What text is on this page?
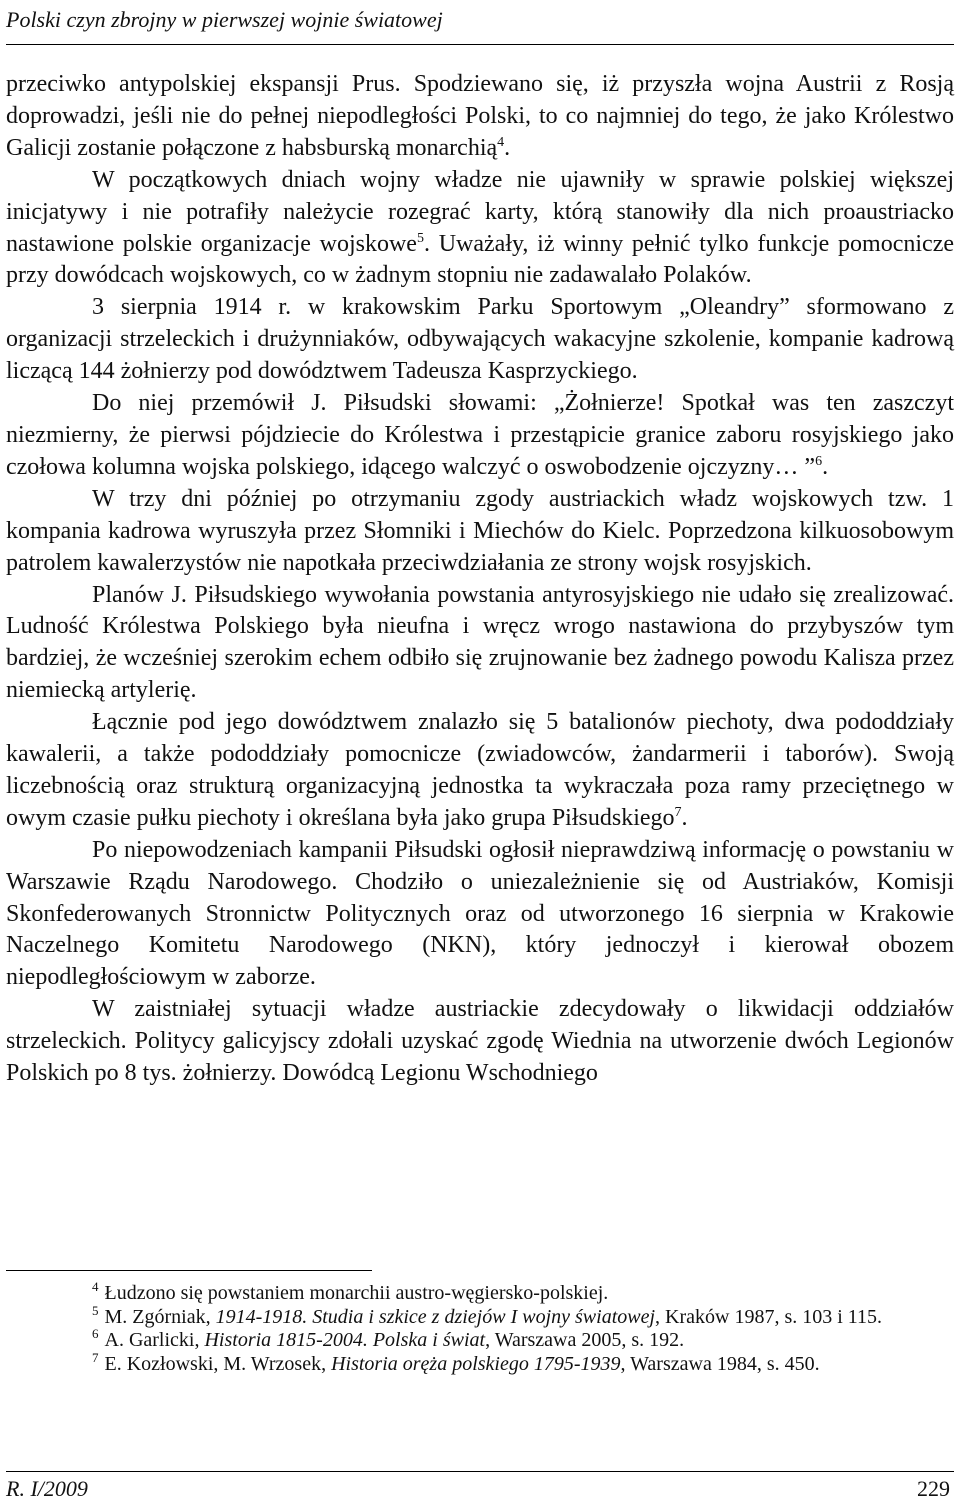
Polski czyn zbrojny w pierwszej wojnie światowej

przeciwko antypolskiej ekspansji Prus. Spodziewano się, iż przyszła wojna Austrii z Rosją doprowadzi, jeśli nie do pełnej niepodległości Polski, to co najmniej do tego, że jako Królestwo Galicji zostanie połączone z habsburską monarchią$^4$.

W początkowych dniach wojny władze nie ujawniły w sprawie polskiej większej inicjatywy i nie potrafiły należycie rozegrać karty, którą stanowiły dla nich proaustriacko nastawione polskie organizacje wojskowe$^5$. Uważały, iż winny pełnić tylko funkcje pomocnicze przy dowódcach wojskowych, co w żadnym stopniu nie zadawalało Polaków.

3 sierpnia 1914 r. w krakowskim Parku Sportowym „Oleandry” sformowano z organizacji strzeleckich i drużynniaków, odbywających wakacyjne szkolenie, kompanie kadrową liczącą 144 żołnierzy pod dowództwem Tadeusza Kasprzyckiego.

Do niej przemówił J. Piłsudski słowami: „Żołnierze! Spotkał was ten zaszczyt niezmierny, że pierwsi pójdziecie do Królestwa i przestąpicie granice zaboru rosyjskiego jako czołowa kolumna wojska polskiego, idącego walczyć o oswobodzenie ojczyzny… ”$^6$.

W trzy dni później po otrzymaniu zgody austriackich władz wojskowych tzw. 1 kompania kadrowa wyruszyła przez Słomniki i Miechów do Kielc. Poprzedzona kilkuosobowym patrolem kawalerzystów nie napotkała przeciwdziałania ze strony wojsk rosyjskich.

Planów J. Piłsudskiego wywołania powstania antyrosyjskiego nie udało się zrealizować. Ludność Królestwa Polskiego była nieufna i wręcz wrogo nastawiona do przybyszów tym bardziej, że wcześniej szerokim echem odbiło się zrujnowanie bez żadnego powodu Kalisza przez niemiecką artylerię.

Łącznie pod jego dowództwem znalazło się 5 batalionów piechoty, dwa pododdziały kawalerii, a także pododdziały pomocnicze (zwiadowców, żandarmerii i taborów). Swoją liczebnością oraz strukturą organizacyjną jednostka ta wykraczała poza ramy przeciętnego w owym czasie pułku piechoty i określana była jako grupa Piłsudskiego$^7$.

Po niepowodzeniach kampanii Piłsudski ogłosił nieprawdziwą informację o powstaniu w Warszawie Rządu Narodowego. Chodziło o uniezależnienie się od Austriaków, Komisji Skonfederowanych Stronnictw Politycznych oraz od utworzonego 16 sierpnia w Krakowie Naczelnego Komitetu Narodowego (NKN), który jednoczył i kierował obozem niepodległościowym w zaborze.

W zaistniałej sytuacji władze austriackie zdecydowały o likwidacji oddziałów strzeleckich. Politycy galicyjscy zdołali uzyskać zgodę Wiednia na utworzenie dwóch Legionów Polskich po 8 tys. żołnierzy. Dowódcą Legionu Wschodniego

$^4$ Łudzono się powstaniem monarchii austro-węgiersko-polskiej.

$^5$ M. Zgórniak, 1914-1918. Studia i szkice z dziejów I wojny światowej, Kraków 1987, s. 103 i 115.

$^6$ A. Garlicki, Historia 1815-2004. Polska i świat, Warszawa 2005, s. 192.

$^7$ E. Kozłowski, M. Wrzosek, Historia oręża polskiego 1795-1939, Warszawa 1984, s. 450.

R. I/2009	229
